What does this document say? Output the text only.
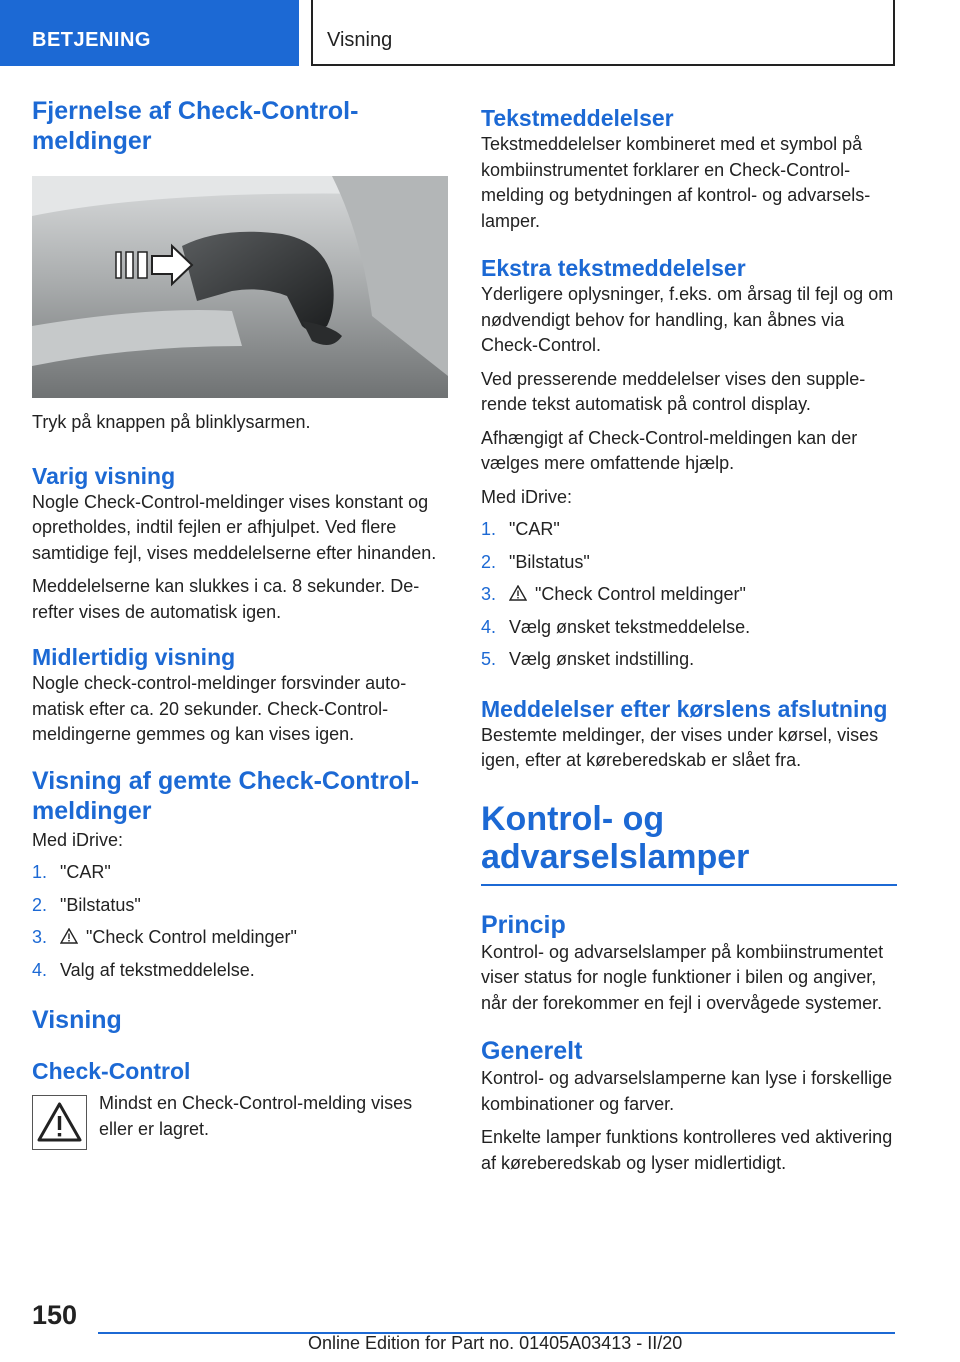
BETJENING	Visning
Fjernelse af Check-Control-meldinger

Tryk på knappen på blinklysarmen.

Varig visning

Nogle Check-Control-meldinger vises konstant og opretholdes, indtil fejlen er afhjulpet. Ved flere samtidige fejl, vises meddelelserne efter hinanden.

Meddelelserne kan slukkes i ca. 8 sekunder. Derefter vises de automatisk igen.

Midlertidig visning

Nogle check-control-meldinger forsvinder automatisk efter ca. 20 sekunder. Check-Control-meldingerne gemmes og kan vises igen.

Visning af gemte Check-Control-meldinger

Med iDrive:

1. "CAR"
2. "Bilstatus"
3. "Check Control meldinger"
4. Valg af tekstmeddelelse.
Visning
Check-Control

Mindst en Check-Control-melding vises eller er lagret.

Tekstmeddelelser

Tekstmeddelelser kombineret med et symbol på kombiinstrumentet forklarer en Check-Control-melding og betydningen af kontrol- og advarselslamper.

Ekstra tekstmeddelelser

Yderligere oplysninger, f.eks. om årsag til fejl og om nødvendigt behov for handling, kan åbnes via Check-Control.

Ved presserende meddelelser vises den supplerende tekst automatisk på control display.

Afhængigt af Check-Control-meldingen kan der vælges mere omfattende hjælp.

Med iDrive:

1. "CAR"
2. "Bilstatus"
3. "Check Control meldinger"
4. Vælg ønsket tekstmeddelelse.
5. Vælg ønsket indstilling.
Meddelelser efter kørslens afslutning

Bestemte meldinger, der vises under kørsel, vises igen, efter at køreberedskab er slået fra.

Kontrol- og advarselslamper
Princip

Kontrol- og advarselslamper på kombiinstrumentet viser status for nogle funktioner i bilen og angiver, når der forekommer en fejl i overvågede systemer.

Generelt

Kontrol- og advarselslamperne kan lyse i forskellige kombinationer og farver.

Enkelte lamper funktions kontrolleres ved aktivering af køreberedskab og lyser midlertidigt.

150
Online Edition for Part no. 01405A03413 - II/20
